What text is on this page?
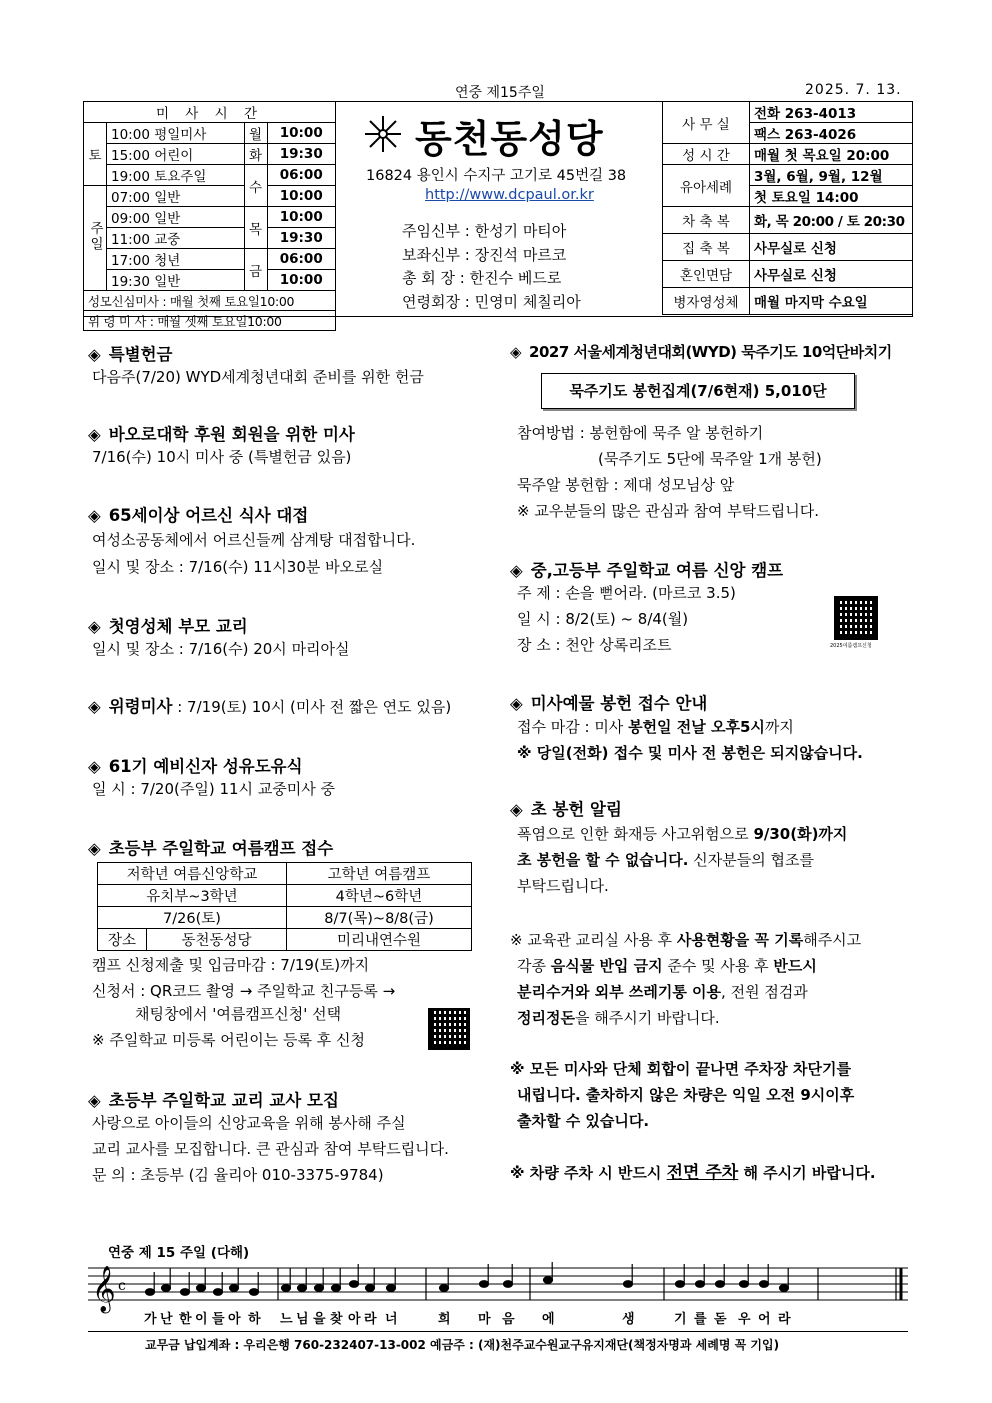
연중 제15주일	2025. 7. 13.
미 사 시 간			
토	10:00 평일미사	월	10:00
	15:00 어린이	화	19:30
	19:00 토요주일	수	06:00
주일	07:00 일반		10:00
	09:00 일반	목	10:00
	11:00 교중		19:30
	17:00 청년	금	06:00
	19:30 일반		10:00
성모신심미사 : 매월 첫째 토요일10:00			
위 령 미 사 : 매월 셋째 토요일10:00			
동천동성당
16824 용인시 수지구 고기로 45번길 38
http://www.dcpaul.or.kr
주임신부 : 한성기 마티아
보좌신부 : 장진석 마르코
총 회 장 : 한진수 베드로
연령회장 : 민영미 체칠리아
사 무 실	전화 263-4013
	팩스 263-4026
성 시 간	매월 첫 목요일 20:00
유아세례	3월, 6월, 9월, 12월
	첫 토요일 14:00
차 축 복	화, 목 20:00 / 토 20:30
집 축 복	사무실로 신청
혼인면담	사무실로 신청
병자영성체	매월 마지막 수요일
◈ 특별헌금
다음주(7/20) WYD세계청년대회 준비를 위한 헌금
◈ 바오로대학 후원 회원을 위한 미사
7/16(수) 10시 미사 중 (특별헌금 있음)
◈ 65세이상 어르신 식사 대접
여성소공동체에서 어르신들께 삼계탕 대접합니다.
일시 및 장소 : 7/16(수) 11시30분 바오로실
◈ 첫영성체 부모 교리
일시 및 장소 : 7/16(수) 20시 마리아실
◈ 위령미사 : 7/19(토) 10시 (미사 전 짧은 연도 있음)
◈ 61기 예비신자 성유도유식
일 시 : 7/20(주일) 11시 교중미사 중
◈ 초등부 주일학교 여름캠프 접수
저학년 여름신앙학교		고학년 여름캠프
유치부~3학년		4학년~6학년
7/26(토)		8/7(목)~8/8(금)
장소	동천동성당	미리내연수원
캠프 신청제출 및 입금마감 : 7/19(토)까지
신청서 : QR코드 촬영 → 주일학교 친구등록 →
채팅창에서 '여름캠프신청' 선택
※ 주일학교 미등록 어린이는 등록 후 신청
◈ 초등부 주일학교 교리 교사 모집
사랑으로 아이들의 신앙교육을 위해 봉사해 주실
교리 교사를 모집합니다. 큰 관심과 참여 부탁드립니다.
문 의 : 초등부 (김 율리아 010-3375-9784)
◈ 2027 서울세계청년대회(WYD) 묵주기도 10억단바치기
묵주기도 봉헌집계(7/6현재) 5,010단
참여방법 : 봉헌함에 묵주 알 봉헌하기
(묵주기도 5단에 묵주알 1개 봉헌)
묵주알 봉헌함 : 제대 성모님상 앞
※ 교우분들의 많은 관심과 참여 부탁드립니다.
◈ 중,고등부 주일학교 여름 신앙 캠프
주 제 : 손을 뻗어라. (마르코 3.5)
일 시 : 8/2(토) ~ 8/4(월)
장 소 : 천안 상록리조트	2025여름캠프신청
◈ 미사예물 봉헌 접수 안내
접수 마감 : 미사 봉헌일 전날 오후5시까지
※ 당일(전화) 접수 및 미사 전 봉헌은 되지않습니다.
◈ 초 봉헌 알림
폭염으로 인한 화재등 사고위험으로 9/30(화)까지
초 봉헌을 할 수 없습니다. 신자분들의 협조를
부탁드립니다.
※ 교육관 교리실 사용 후 사용현황을 꼭 기록해주시고
각종 음식물 반입 금지 준수 및 사용 후 반드시
분리수거와 외부 쓰레기통 이용, 전원 점검과
정리정돈을 해주시기 바랍니다.
※ 모든 미사와 단체 회합이 끝나면 주차장 차단기를
내립니다. 출차하지 않은 차량은 익일 오전 9시이후
출차할 수 있습니다.
※ 차량 주차 시 반드시 전면 주차 해 주시기 바랍니다.
연중 제 15 주일 (다해)
𝄞 c
가 난 한 이 들 아 하 느 님 을 찾 아 라 너	희 마 음 에	생	기 를 돋 우 어 라
교무금 납입계좌 : 우리은행 760-232407-13-002 예금주 : (재)천주교수원교구유지재단(책정자명과 세례명 꼭 기입)
